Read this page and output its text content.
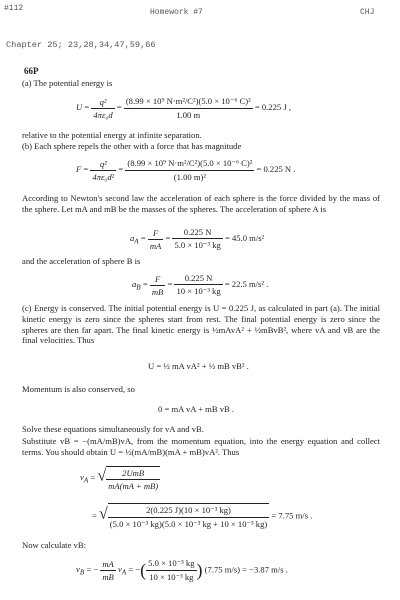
#112	Homework #7	CHJ
Chapter 25; 23,28,34,47,59,66
66P
(a) The potential energy is
$U = \frac{\text{q²}}{\text{4πε₀d}} = \frac{\text{(8.99 × 10⁹ N·m²/C²)(5.0 × 10⁻⁶ C)²}}{1.00 m} = 0.225$ J ,
relative to the potential energy at infinite separation.
(b) Each sphere repels the other with a force that has magnitude
$F = \frac{\text{q²}}{\text{4πε₀d²}} = \frac{\text{(8.99 × 10⁹ N·m²/C²)(5.0 × 10⁻⁶ C)²}}{\text{(1.00 m)²}} = 0.225$ N .
According to Newton's second law the acceleration of each sphere is the force divided by the mass of the sphere. Let mA and mB be the masses of the spheres. The acceleration of sphere A is
$a_A = \frac{F}{mA} = \frac{0.225 N}{\text{5.0 × 10⁻³ kg}} = 45.0$ m/s²
and the acceleration of sphere B is
$a_B = \frac{F}{mB} = \frac{0.225 N}{\text{10 × 10⁻³ kg}} = 22.5$ m/s² .
(c) Energy is conserved. The initial potential energy is U = 0.225 J, as calculated in part (a). The initial kinetic energy is zero since the spheres start from rest. The final potential energy is zero since the spheres are then far apart. The final kinetic energy is ½mAvA² + ½mBvB², where vA and vB are the final velocities. Thus
U = ½ mA vA² + ½ mB vB² .
Momentum is also conserved, so
0 = mA vA + mB vB .
Solve these equations simultaneously for vA and vB.
Substitute vB = −(mA/mB)vA, from the momentum equation, into the energy equation and collect terms. You should obtain U = ½(mA/mB)(mA + mB)vA². Thus
$v_A$ = √ $\frac{\text{2UmB}}{mA(mA + mB)}$
= √ $\frac{\text{2(0.225 J)(10 × 10⁻³ kg)}}{\text{(5.0 × 10⁻³ kg)(5.0 × 10⁻³ kg + 10 × 10⁻³ kg)}} = 7.75$ m/s .
Now calculate vB:
$v_B$ = − $\frac{mA}{mB} v_A$ = −( $\frac{\text{5.0 × 10⁻³ kg}}{\text{10 × 10⁻³ kg}}$ ) (7.75 m/s) = −3.87 m/s .
